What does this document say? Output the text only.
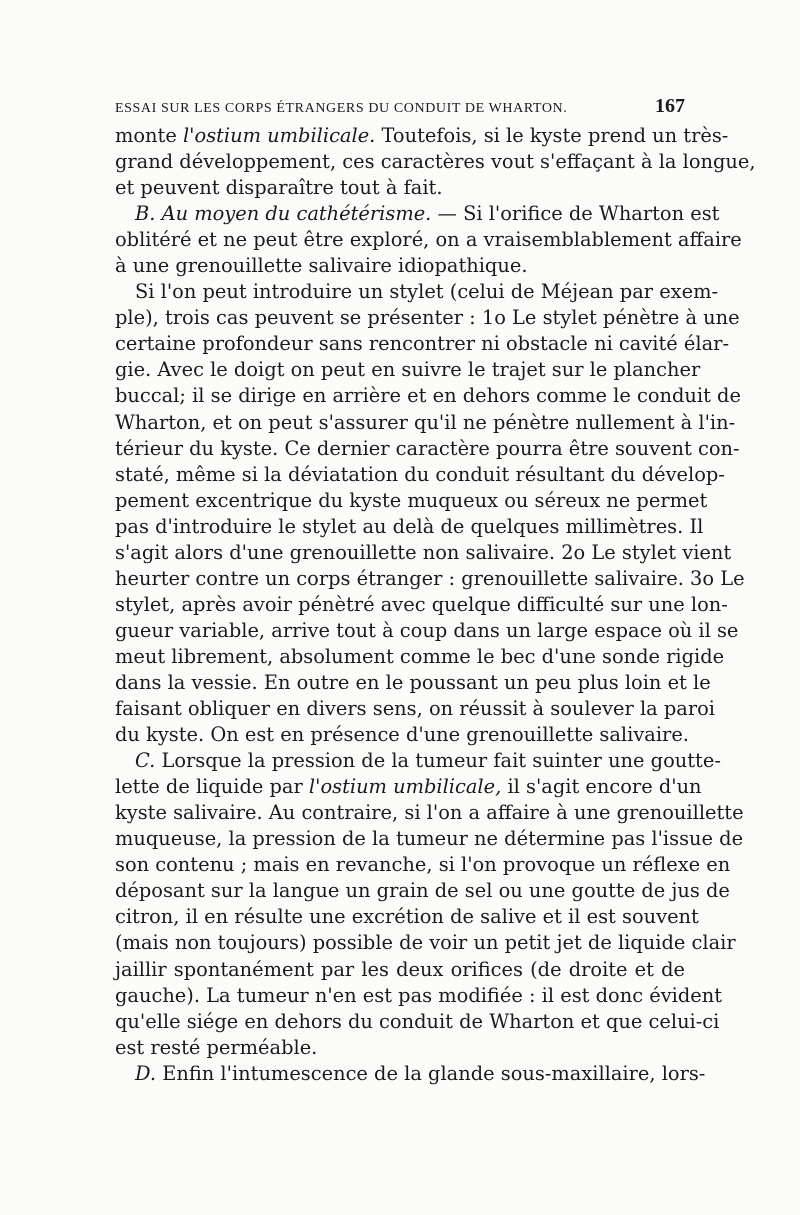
ESSAI SUR LES CORPS ÉTRANGERS DU CONDUIT DE WHARTON.	167
monte l'ostium umbilicale. Toutefois, si le kyste prend un très-
grand développement, ces caractères vout s'effaçant à la longue,
et peuvent disparaître tout à fait.
B. Au moyen du cathétérisme. — Si l'orifice de Wharton est
oblitéré et ne peut être exploré, on a vraisemblablement affaire
à une grenouillette salivaire idiopathique.
Si l'on peut introduire un stylet (celui de Méjean par exem-
ple), trois cas peuvent se présenter : 1o Le stylet pénètre à une
certaine profondeur sans rencontrer ni obstacle ni cavité élar-
gie. Avec le doigt on peut en suivre le trajet sur le plancher
buccal; il se dirige en arrière et en dehors comme le conduit de
Wharton, et on peut s'assurer qu'il ne pénètre nullement à l'in-
térieur du kyste. Ce dernier caractère pourra être souvent con-
staté, même si la déviatation du conduit résultant du dévelop-
pement excentrique du kyste muqueux ou séreux ne permet
pas d'introduire le stylet au delà de quelques millimètres. Il
s'agit alors d'une grenouillette non salivaire. 2o Le stylet vient
heurter contre un corps étranger : grenouillette salivaire. 3o Le
stylet, après avoir pénètré avec quelque difficulté sur une lon-
gueur variable, arrive tout à coup dans un large espace où il se
meut librement, absolument comme le bec d'une sonde rigide
dans la vessie. En outre en le poussant un peu plus loin et le
faisant obliquer en divers sens, on réussit à soulever la paroi
du kyste. On est en présence d'une grenouillette salivaire.
C. Lorsque la pression de la tumeur fait suinter une goutte-
lette de liquide par l'ostium umbilicale, il s'agit encore d'un
kyste salivaire. Au contraire, si l'on a affaire à une grenouillette
muqueuse, la pression de la tumeur ne détermine pas l'issue de
son contenu ; mais en revanche, si l'on provoque un réflexe en
déposant sur la langue un grain de sel ou une goutte de jus de
citron, il en résulte une excrétion de salive et il est souvent
(mais non toujours) possible de voir un petit jet de liquide clair
jaillir spontanément par les deux orifices (de droite et de
gauche). La tumeur n'en est pas modifiée : il est donc évident
qu'elle siége en dehors du conduit de Wharton et que celui-ci
est resté perméable.
D. Enfin l'intumescence de la glande sous-maxillaire, lors-
